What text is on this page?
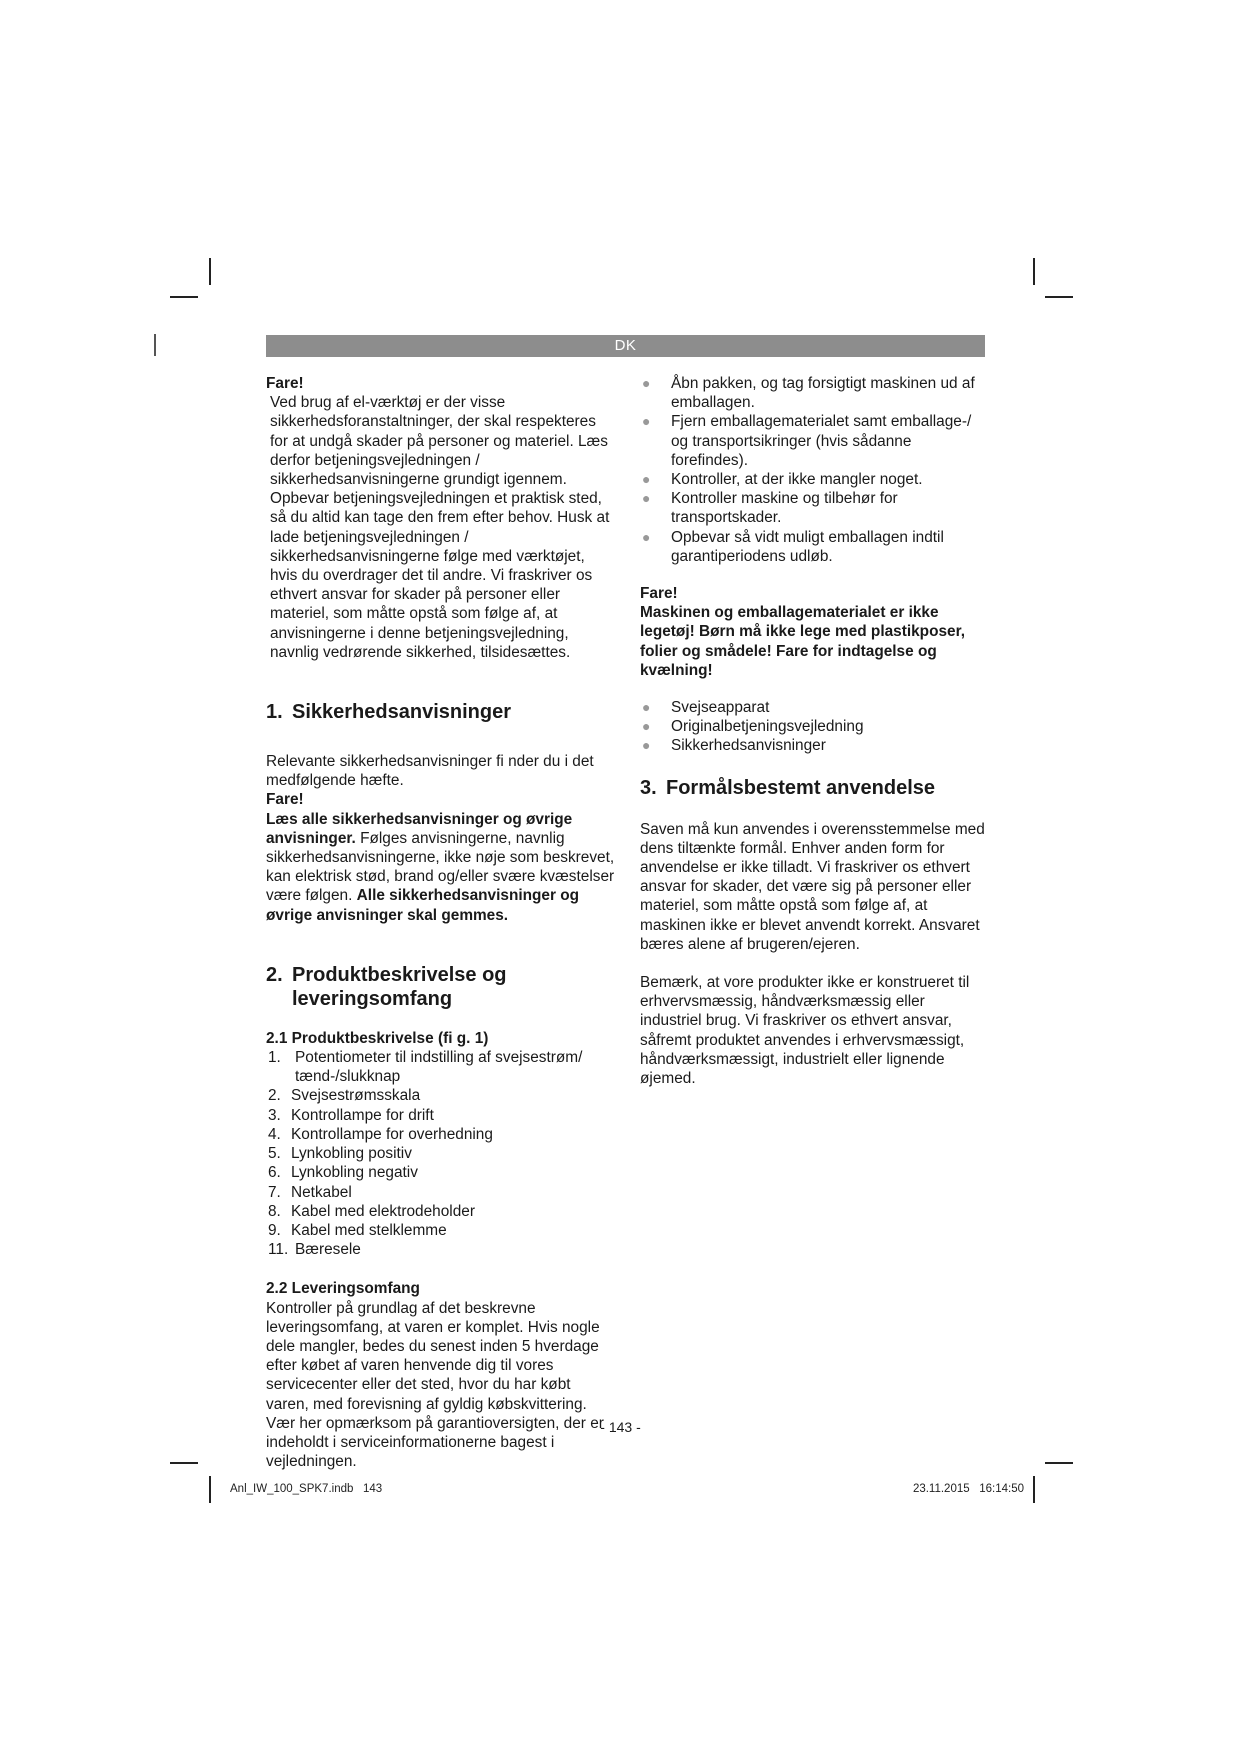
DK

Fare!

Ved brug af el-værktøj er der visse sikkerhedsforanstaltninger, der skal respekteres for at undgå skader på personer og materiel. Læs derfor betjeningsvejledningen / sikkerhedsanvisningerne grundigt igennem. Opbevar betjeningsvejledningen et praktisk sted, så du altid kan tage den frem efter behov. Husk at lade betjeningsvejledningen / sikkerhedsanvisningerne følge med værktøjet, hvis du overdrager det til andre. Vi fraskriver os ethvert ansvar for skader på personer eller materiel, som måtte opstå som følge af, at anvisningerne i denne betjeningsvejledning, navnlig vedrørende sikkerhed, tilsidesættes.

1. Sikkerhedsanvisninger

Relevante sikkerhedsanvisninger fi nder du i det medfølgende hæfte.

Fare!

Læs alle sikkerhedsanvisninger og øvrige anvisninger. Følges anvisningerne, navnlig sikkerhedsanvisningerne, ikke nøje som beskrevet, kan elektrisk stød, brand og/eller svære kvæstelser være følgen. Alle sikkerhedsanvisninger og øvrige anvisninger skal gemmes.

2. Produktbeskrivelse og
leveringsomfang
2.1 Produktbeskrivelse (fi g. 1)
1. Potentiometer til indstilling af svejsestrøm/ tænd-/slukknap
2. Svejsestrømsskala
3. Kontrollampe for drift
4. Kontrollampe for overhedning
5. Lynkobling positiv
6. Lynkobling negativ
7. Netkabel
8. Kabel med elektrodeholder
9. Kabel med stelklemme
11. Bæresele
2.2 Leveringsomfang

Kontroller på grundlag af det beskrevne leveringsomfang, at varen er komplet. Hvis nogle dele mangler, bedes du senest inden 5 hverdage efter købet af varen henvende dig til vores servicecenter eller det sted, hvor du har købt varen, med forevisning af gyldig købskvittering. Vær her opmærksom på garantioversigten, der er indeholdt i serviceinformationerne bagest i vejledningen.

● Åbn pakken, og tag forsigtigt maskinen ud af emballagen.
● Fjern emballagematerialet samt emballage-/ og transportsikringer (hvis sådanne forefindes).
● Kontroller, at der ikke mangler noget.
● Kontroller maskine og tilbehør for transportskader.
● Opbevar så vidt muligt emballagen indtil garantiperiodens udløb.

Fare!

Maskinen og emballagematerialet er ikke legetøj! Børn må ikke lege med plastikposer, folier og smådele! Fare for indtagelse og kvælning!

● Svejseapparat
● Originalbetjeningsvejledning
● Sikkerhedsanvisninger
3. Formålsbestemt anvendelse

Saven må kun anvendes i overensstemmelse med dens tiltænkte formål. Enhver anden form for anvendelse er ikke tilladt. Vi fraskriver os ethvert ansvar for skader, det være sig på personer eller materiel, som måtte opstå som følge af, at maskinen ikke er blevet anvendt korrekt. Ansvaret bæres alene af brugeren/ejeren.

Bemærk, at vore produkter ikke er konstrueret til erhvervsmæssig, håndværksmæssig eller industriel brug. Vi fraskriver os ethvert ansvar, såfremt produktet anvendes i erhvervsmæssigt, håndværksmæssigt, industrielt eller lignende øjemed.

- 143 -
Anl_IW_100_SPK7.indb   143	23.11.2015   16:14:50
